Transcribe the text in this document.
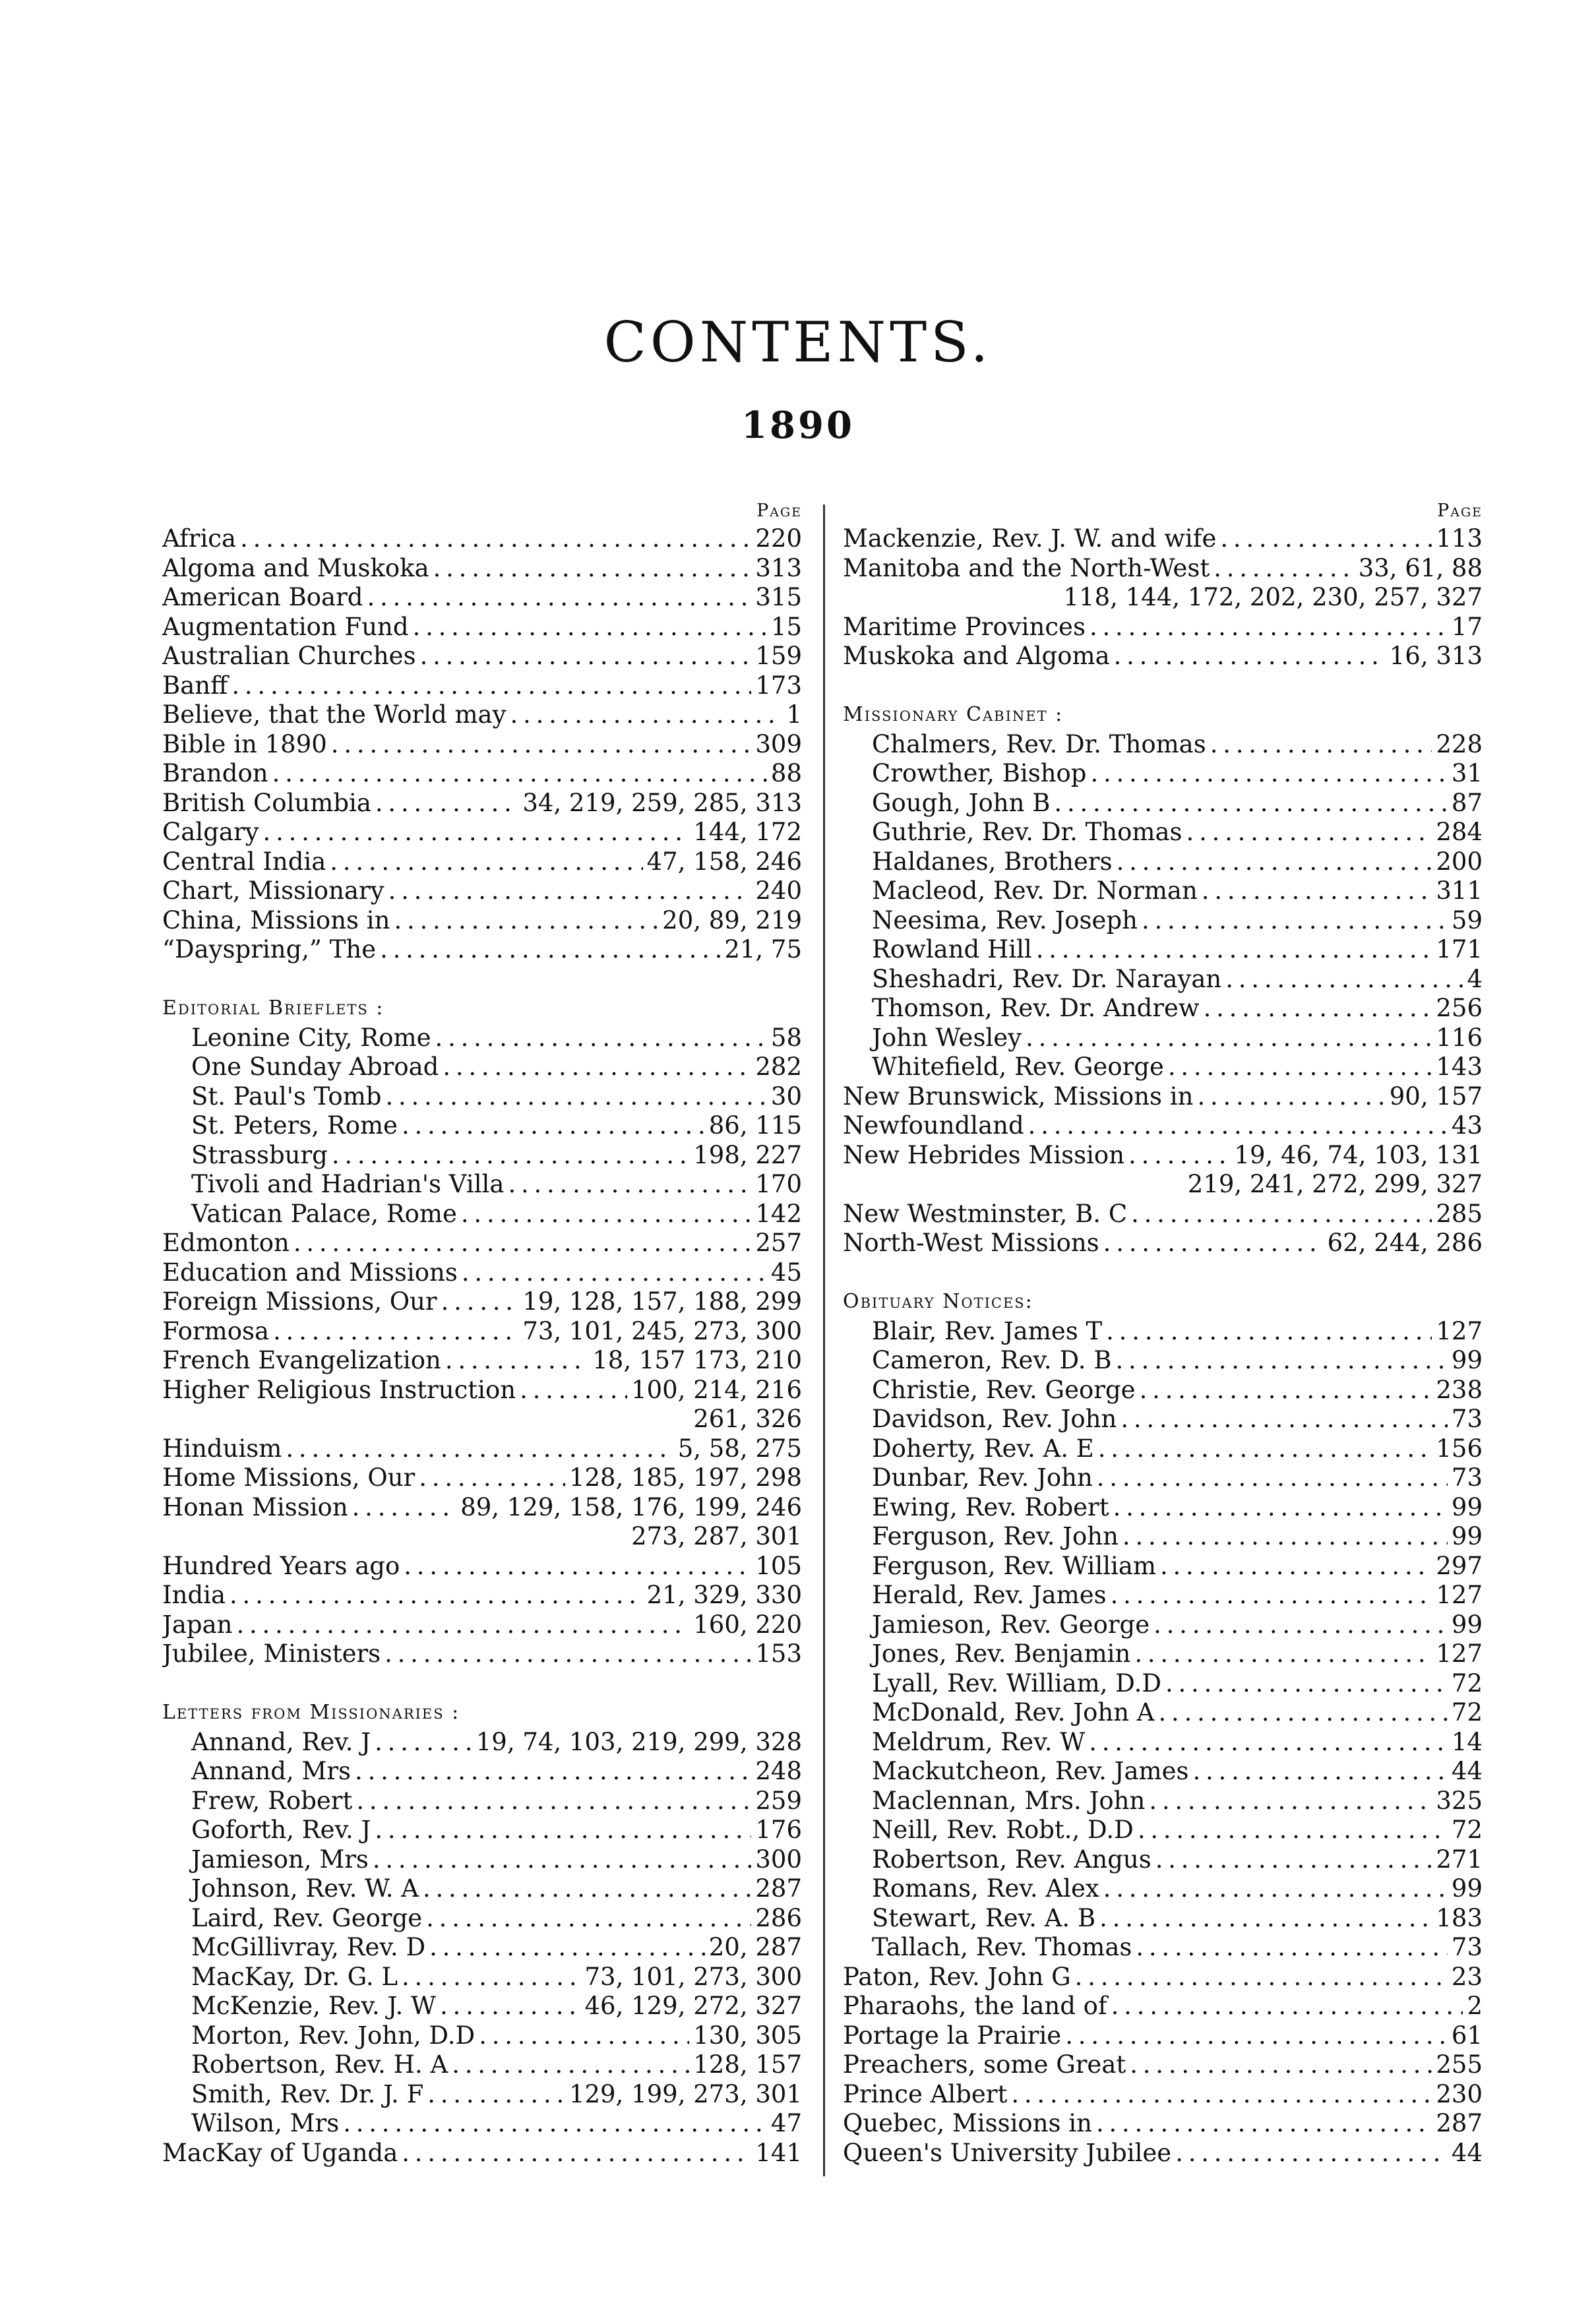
CONTENTS.
1890
Page
Africa . . .	220
Algoma and Muskoka . . .	313
American Board . . .	315
Augmentation Fund . . .	15
Australian Churches . . .	159
Banff . . .	173
Believe, that the World may . . .	1
Bible in 1890 . . .	309
Brandon . . .	88
British Columbia . . .	34, 219, 259, 285, 313
Calgary . . .	144, 172
Central India . . .	47, 158, 246
Chart, Missionary . . .	240
China, Missions in . . .	20, 89, 219
“Dayspring,” The . . .	21, 75
Editorial Brieflets :
Leonine City, Rome . . .	58
One Sunday Abroad . . .	282
St. Paul's Tomb . . .	30
St. Peters, Rome . . .	86, 115
Strassburg . . .	198, 227
Tivoli and Hadrian's Villa . . .	170
Vatican Palace, Rome . . .	142
Edmonton . . .	257
Education and Missions . . .	45
Foreign Missions, Our . . .	19, 128, 157, 188, 299
Formosa . . .	73, 101, 245, 273, 300
French Evangelization . . .	18, 157 173, 210
Higher Religious Instruction . . .	100, 214, 216
261, 326
Hinduism . . .	5, 58, 275
Home Missions, Our . . .	128, 185, 197, 298
Honan Mission . . .	89, 129, 158, 176, 199, 246
273, 287, 301
Hundred Years ago . . .	105
India . . .	21, 329, 330
Japan . . .	160, 220
Jubilee, Ministers . . .	153
Letters from Missionaries :
Annand, Rev. J . . .	19, 74, 103, 219, 299, 328
Annand, Mrs . . .	248
Frew, Robert . . .	259
Goforth, Rev. J . . .	176
Jamieson, Mrs . . .	300
Johnson, Rev. W. A . . .	287
Laird, Rev. George . . .	286
McGillivray, Rev. D . . .	20, 287
MacKay, Dr. G. L . . .	73, 101, 273, 300
McKenzie, Rev. J. W . . .	46, 129, 272, 327
Morton, Rev. John, D.D . . .	130, 305
Robertson, Rev. H. A . . .	128, 157
Smith, Rev. Dr. J. F . . .	129, 199, 273, 301
Wilson, Mrs . . .	47
MacKay of Uganda . . .	141
Page
Mackenzie, Rev. J. W. and wife . . .	113
Manitoba and the North-West . . .	33, 61, 88
118, 144, 172, 202, 230, 257, 327
Maritime Provinces . . .	17
Muskoka and Algoma . . .	16, 313
Missionary Cabinet :
Chalmers, Rev. Dr. Thomas . . .	228
Crowther, Bishop . . .	31
Gough, John B . . .	87
Guthrie, Rev. Dr. Thomas . . .	284
Haldanes, Brothers . . .	200
Macleod, Rev. Dr. Norman . . .	311
Neesima, Rev. Joseph . . .	59
Rowland Hill . . .	171
Sheshadri, Rev. Dr. Narayan . . .	4
Thomson, Rev. Dr. Andrew . . .	256
John Wesley . . .	116
Whitefield, Rev. George . . .	143
New Brunswick, Missions in . . .	90, 157
Newfoundland . . .	43
New Hebrides Mission . . .	19, 46, 74, 103, 131
219, 241, 272, 299, 327
New Westminster, B. C . . .	285
North-West Missions . . .	62, 244, 286
Obituary Notices:
Blair, Rev. James T . . .	127
Cameron, Rev. D. B . . .	99
Christie, Rev. George . . .	238
Davidson, Rev. John . . .	73
Doherty, Rev. A. E . . .	156
Dunbar, Rev. John . . .	73
Ewing, Rev. Robert . . .	99
Ferguson, Rev. John . . .	99
Ferguson, Rev. William . . .	297
Herald, Rev. James . . .	127
Jamieson, Rev. George . . .	99
Jones, Rev. Benjamin . . .	127
Lyall, Rev. William, D.D . . .	72
McDonald, Rev. John A . . .	72
Meldrum, Rev. W . . .	14
Mackutcheon, Rev. James . . .	44
Maclennan, Mrs. John . . .	325
Neill, Rev. Robt., D.D . . .	72
Robertson, Rev. Angus . . .	271
Romans, Rev. Alex . . .	99
Stewart, Rev. A. B . . .	183
Tallach, Rev. Thomas . . .	73
Paton, Rev. John G . . .	23
Pharaohs, the land of . . .	2
Portage la Prairie . . .	61
Preachers, some Great . . .	255
Prince Albert . . .	230
Quebec, Missions in . . .	287
Queen's University Jubilee . . .	44
